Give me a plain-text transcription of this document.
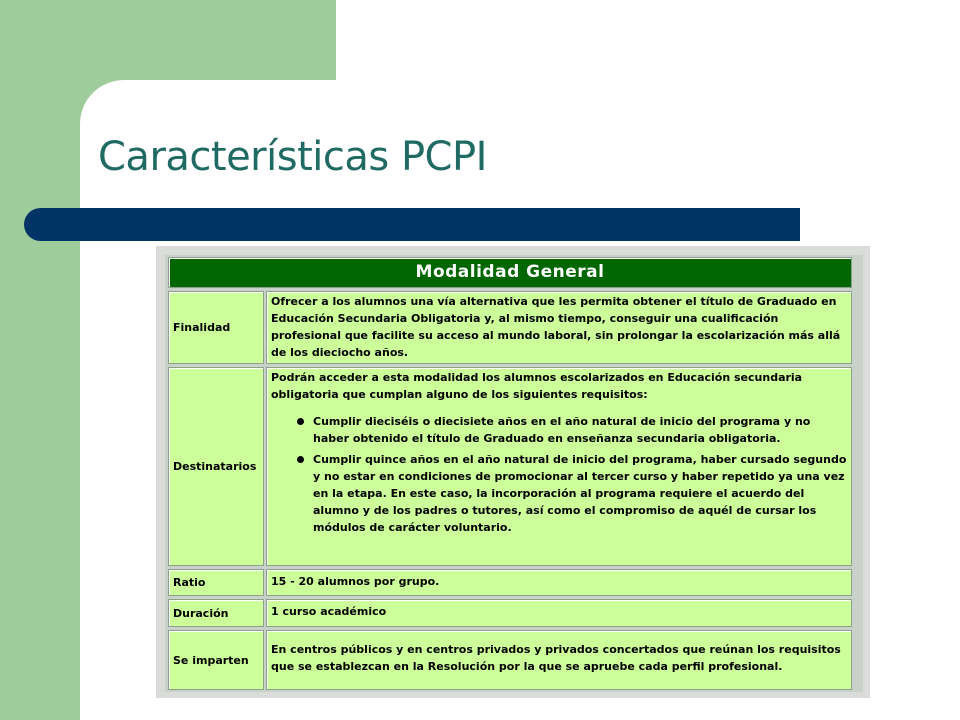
Características PCPI
Modalidad General
Finalidad
Ofrecer a los alumnos una vía alternativa que les permita obtener el título de Graduado en Educación Secundaria Obligatoria y, al mismo tiempo, conseguir una cualificación profesional que facilite su acceso al mundo laboral, sin prolongar la escolarización más allá de los dieciocho años.
Destinatarios

Podrán acceder a esta modalidad los alumnos escolarizados en Educación secundaria obligatoria que cumplan alguno de los siguientes requisitos:

Cumplir dieciséis o diecisiete años en el año natural de inicio del programa y no haber obtenido el título de Graduado en enseñanza secundaria obligatoria.
Cumplir quince años en el año natural de inicio del programa, haber cursado segundo y no estar en condiciones de promocionar al tercer curso y haber repetido ya una vez en la etapa. En este caso, la incorporación al programa requiere el acuerdo del alumno y de los padres o tutores, así como el compromiso de aquél de cursar los módulos de carácter voluntario.
Ratio	15 - 20 alumnos por grupo.
Duración	1 curso académico
Se imparten
En centros públicos y en centros privados y privados concertados que reúnan los requisitos que se establezcan en la Resolución por la que se apruebe cada perfil profesional.
